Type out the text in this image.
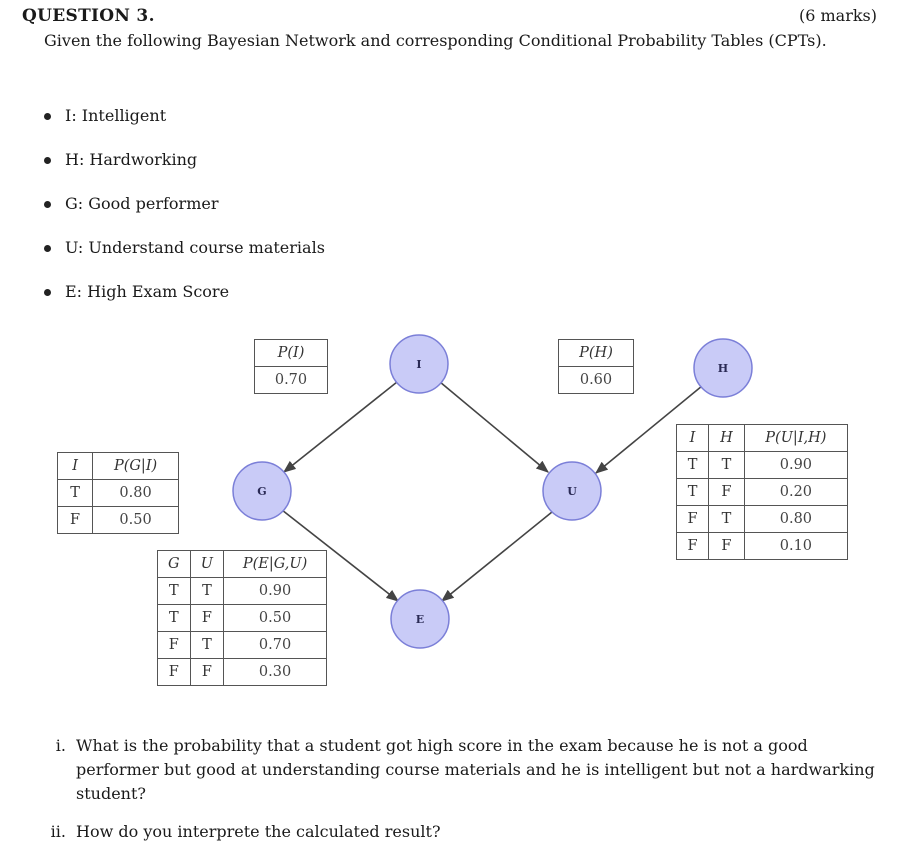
QUESTION 3.	(6 marks)
Given the following Bayesian Network and corresponding Conditional Probability Tables (CPTs).
I: Intelligent
H: Hardworking
G: Good performer
U: Understand course materials
E: High Exam Score
I	H
G	U
E
P(I)
0.70
P(H)
0.60
I	P(G|I)
T	0.80
F	0.50
I	H	P(U|I,H)
T	T	0.90
T	F	0.20
F	T	0.80
F	F	0.10
G	U	P(E|G,U)
T	T	0.90
T	F	0.50
F	T	0.70
F	F	0.30
i. What is the probability that a student got high score in the exam because he is not a good performer but good at understanding course materials and he is intelligent but not a hardwarking student?
ii. How do you interprete the calculated result?
